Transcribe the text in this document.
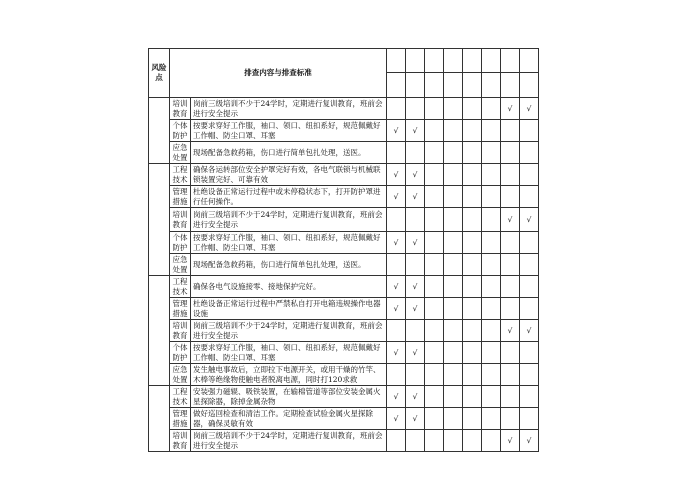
风险点	排查内容与排查标准									

	培训教育	岗前三级培训不少于24学时，定期进行复训教育，班前会进行安全提示							√	√
	个体防护	按要求穿好工作服，袖口、领口、纽扣系好，规范佩戴好工作帽、防尘口罩、耳塞	√	√						
	应急处置	现场配备急救药箱，伤口进行简单包扎处理，送医。								
	工程技术	确保各运转部位安全护罩完好有效，各电气联锁与机械联锁装置完好、可靠有效	√	√						
	管理措施	杜绝设备正常运行过程中或未停稳状态下，打开防护罩进行任何操作。	√	√						
	培训教育	岗前三级培训不少于24学时，定期进行复训教育，班前会进行安全提示							√	√
	个体防护	按要求穿好工作服，袖口、领口、纽扣系好，规范佩戴好工作帽、防尘口罩、耳塞	√	√						
	应急处置	现场配备急救药箱，伤口进行简单包扎处理，送医。								
	工程技术	确保各电气设施接零、接地保护完好。	√	√						
	管理措施	杜绝设备正常运行过程中严禁私自打开电箱违规操作电器设施	√	√						
	培训教育	岗前三级培训不少于24学时，定期进行复训教育，班前会进行安全提示							√	√
	个体防护	按要求穿好工作服，袖口、领口、纽扣系好，规范佩戴好工作帽、防尘口罩、耳塞	√	√						
	应急处置	发生触电事故后，立即拉下电源开关，或用干燥的竹竿、木棒等绝缘物使触电者脱离电源，同时打120求救								
	工程技术	安装强力磁辊、吸铁装置，在输棉管道等部位安装金属火星探除器，除掉金属杂物	√	√						
	管理措施	做好巡回检查和清洁工作。定期检查试验金属火星探除器，确保灵敏有效	√	√						
	培训教育	岗前三级培训不少于24学时，定期进行复训教育，班前会进行安全提示							√	√
